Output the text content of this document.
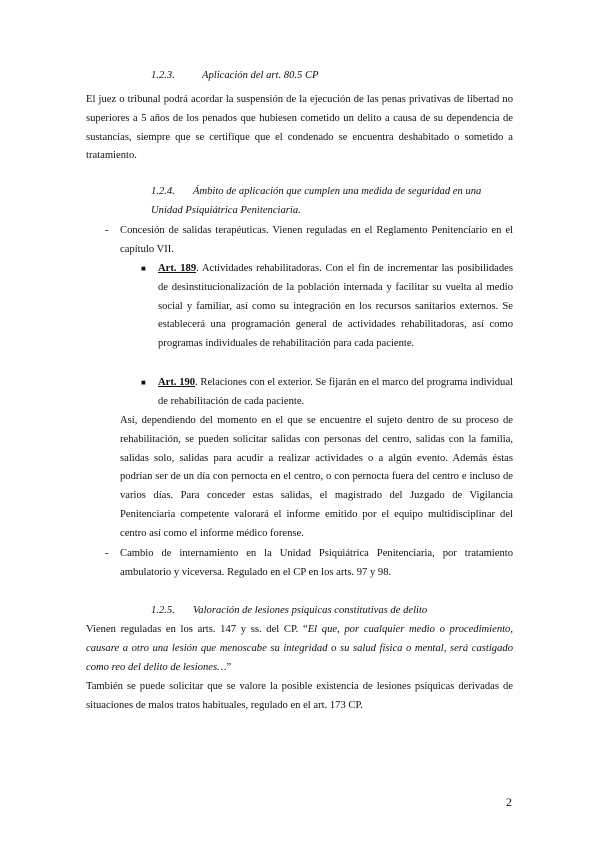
1.2.3.	Aplicación del art. 80.5 CP
El juez o tribunal podrá acordar la suspensión de la ejecución de las penas privativas de libertad no superiores a 5 años de los penados que hubiesen cometido un delito a causa de su dependencia de sustancias, siempre que se certifique que el condenado se encuentra deshabitado o sometido a tratamiento.
1.2.4. Ámbito de aplicación que cumplen una medida de seguridad en una Unidad Psiquiátrica Penitenciaria.
- Concesión de salidas terapéuticas. Vienen reguladas en el Reglamento Penitenciario en el capítulo VII.
■ Art. 189. Actividades rehabilitadoras. Con el fin de incrementar las posibilidades de desinstitucionalización de la población internada y facilitar su vuelta al medio social y familiar, así como su integración en los recursos sanitarios externos. Se establecerá una programación general de actividades rehabilitadoras, así como programas individuales de rehabilitación para cada paciente.
■ Art. 190. Relaciones con el exterior. Se fijarán en el marco del programa individual de rehabilitación de cada paciente.
Así, dependiendo del momento en el que se encuentre el sujeto dentro de su proceso de rehabilitación, se pueden solicitar salidas con personas del centro, salidas con la familia, salidas solo, salidas para acudir a realizar actividades o a algún evento. Además éstas podrían ser de un día con pernocta en el centro, o con pernocta fuera del centro e incluso de varios días. Para conceder estas salidas, el magistrado del Juzgado de Vigilancia Penitenciaria competente valorará el informe emitido por el equipo multidisciplinar del centro así como el informe médico forense.
- Cambio de internamiento en la Unidad Psiquiátrica Penitenciaria, por tratamiento ambulatorio y viceversa. Regulado en el CP en los arts. 97 y 98.
1.2.5. Valoración de lesiones psíquicas constitutivas de delito
Vienen reguladas en los arts. 147 y ss. del CP. “El que, por cualquier medio o procedimiento, causare a otro una lesión que menoscabe su integridad o su salud física o mental, será castigado como reo del delito de lesiones…”
También se puede solicitar que se valore la posible existencia de lesiones psíquicas derivadas de situaciones de malos tratos habituales, regulado en el art. 173 CP.
2
